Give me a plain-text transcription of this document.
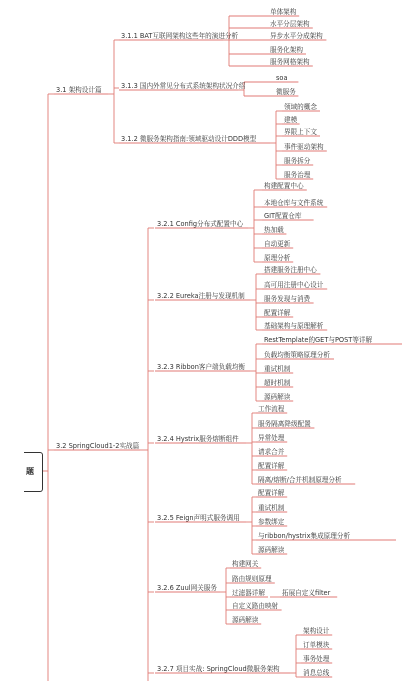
题
3.1 架构设计篇
3.1.1 BAT互联网架构这些年的演进分析
单体架构
水平分层架构
异步水平分成架构
服务化架构
服务网格架构
3.1.3 国内外常见分布式系统架构状况介绍
soa
微服务
3.1.2 微服务架构指南:领域驱动设计DDD模型
领域的概念
建模
界限上下文
事件驱动架构
服务拆分
服务治理
3.2 SpringCloud1-2实战篇
3.2.1 Config分布式配置中心
构建配置中心
本地仓库与文件系统
GIT配置仓库
热加载
自动更新
原理分析
3.2.2 Eureka注册与发现机制
搭建服务注册中心
高可用注册中心设计
服务发现与消费
配置详解
基础架构与原理解析
3.2.3 Ribbon客户端负载均衡
RestTemplate的GET与POST等详解
负载均衡策略原理分析
重试机制
超时机制
源码解读
3.2.4 Hystrix服务熔断组件
工作流程
服务隔离降级配置
异常处理
请求合并
配置详解
隔离/熔断/合并机制原理分析
3.2.5 Feign声明式服务调用
配置详解
重试机制
参数绑定
与ribbon/hystrix集成原理分析
源码解读
3.2.6 Zuul网关服务
构建网关
路由规则原理
过滤器详解
自定义路由映射
源码解读
拓展自定义filter
3.2.7 项目实战: SpringCloud微服务架构
架构设计
订单模块
事务处理
消息总线
